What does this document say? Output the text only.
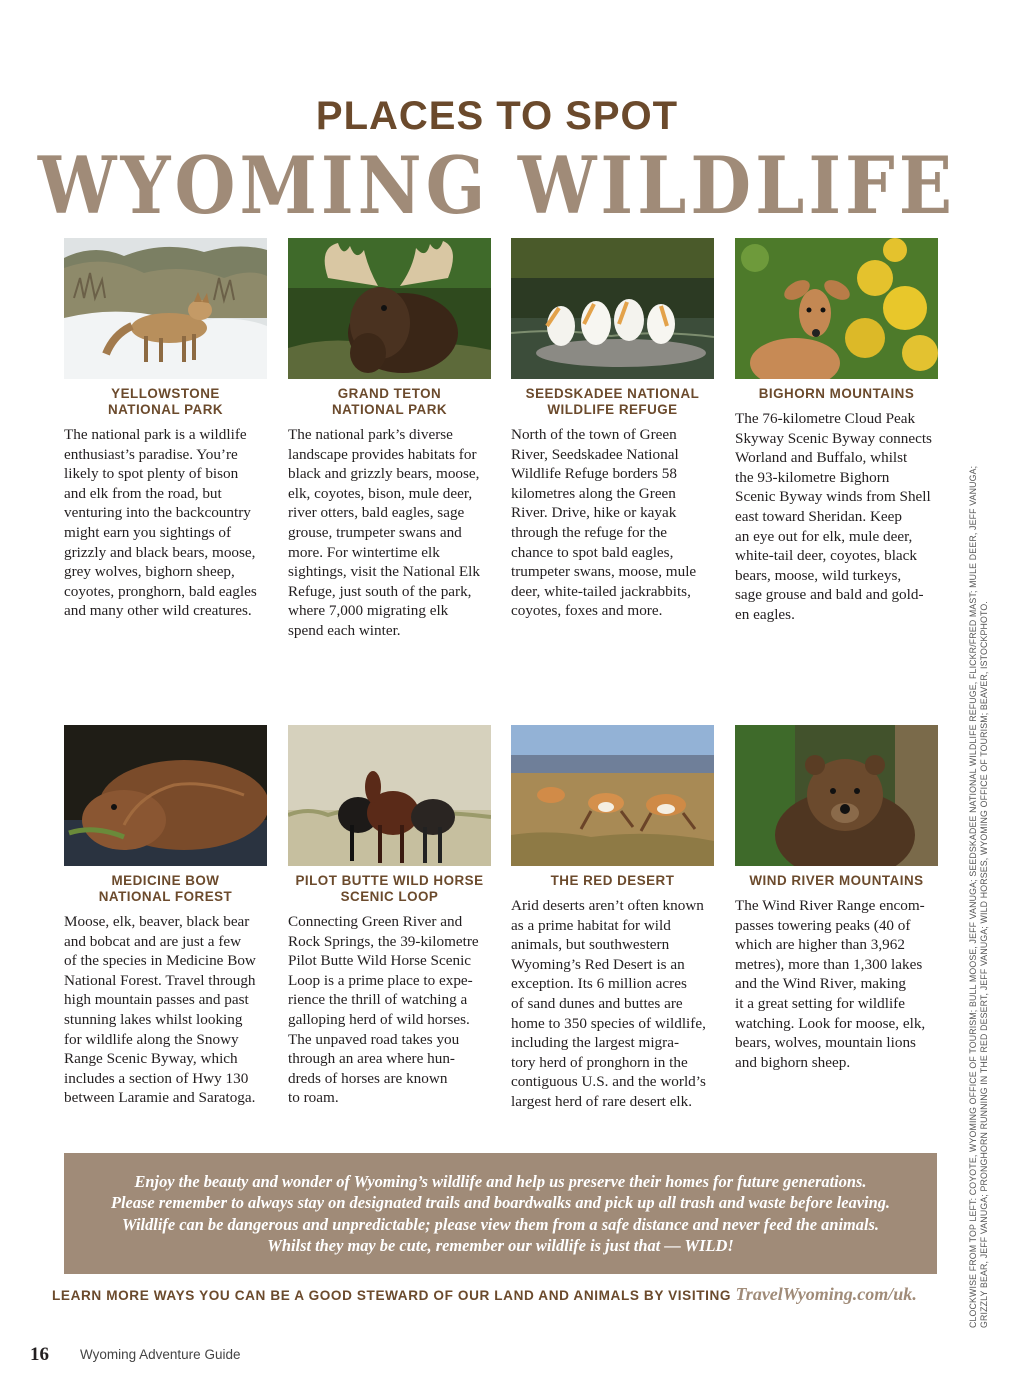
PLACES TO SPOT
WYOMING WILDLIFE
YELLOWSTONE
NATIONAL PARK
The national park is a wildlife
enthusiast’s paradise. You’re
likely to spot plenty of bison
and elk from the road, but
venturing into the backcountry
might earn you sightings of
grizzly and black bears, moose,
grey wolves, bighorn sheep,
coyotes, pronghorn, bald eagles
and many other wild creatures.
GRAND TETON
NATIONAL PARK
The national park’s diverse
landscape provides habitats for
black and grizzly bears, moose,
elk, coyotes, bison, mule deer,
river otters, bald eagles, sage
grouse, trumpeter swans and
more. For wintertime elk
sightings, visit the National Elk
Refuge, just south of the park,
where 7,000 migrating elk
spend each winter.
SEEDSKADEE NATIONAL
WILDLIFE REFUGE
North of the town of Green
River, Seedskadee National
Wildlife Refuge borders 58
kilometres along the Green
River. Drive, hike or kayak
through the refuge for the
chance to spot bald eagles,
trumpeter swans, moose, mule
deer, white-tailed jackrabbits,
coyotes, foxes and more.
BIGHORN MOUNTAINS
The 76-kilometre Cloud Peak
Skyway Scenic Byway connects
Worland and Buffalo, whilst
the 93-kilometre Bighorn
Scenic Byway winds from Shell
east toward Sheridan. Keep
an eye out for elk, mule deer,
white-tail deer, coyotes, black
bears, moose, wild turkeys,
sage grouse and bald and gold-
en eagles.
MEDICINE BOW
NATIONAL FOREST
Moose, elk, beaver, black bear
and bobcat and are just a few
of the species in Medicine Bow
National Forest. Travel through
high mountain passes and past
stunning lakes whilst looking
for wildlife along the Snowy
Range Scenic Byway, which
includes a section of Hwy 130
between Laramie and Saratoga.
PILOT BUTTE WILD HORSE
SCENIC LOOP
Connecting Green River and
Rock Springs, the 39-kilometre
Pilot Butte Wild Horse Scenic
Loop is a prime place to expe-
rience the thrill of watching a
galloping herd of wild horses.
The unpaved road takes you
through an area where hun-
dreds of horses are known
to roam.
THE RED DESERT
Arid deserts aren’t often known
as a prime habitat for wild
animals, but southwestern
Wyoming’s Red Desert is an
exception. Its 6 million acres
of sand dunes and buttes are
home to 350 species of wildlife,
including the largest migra-
tory herd of pronghorn in the
contiguous U.S. and the world’s
largest herd of rare desert elk.
WIND RIVER MOUNTAINS
The Wind River Range encom-
passes towering peaks (40 of
which are higher than 3,962
metres), more than 1,300 lakes
and the Wind River, making
it a great setting for wildlife
watching. Look for moose, elk,
bears, wolves, mountain lions
and bighorn sheep.

Enjoy the beauty and wonder of Wyoming’s wildlife and help us preserve their homes for future generations.
Please remember to always stay on designated trails and boardwalks and pick up all trash and waste before leaving.
Wildlife can be dangerous and unpredictable; please view them from a safe distance and never feed the animals.
Whilst they may be cute, remember our wildlife is just that — WILD!

LEARN MORE WAYS YOU CAN BE A GOOD STEWARD OF OUR LAND AND ANIMALS BY VISITING TravelWyoming.com/uk.
16 Wyoming Adventure Guide
CLOCKWISE FROM TOP LEFT: COYOTE, WYOMING OFFICE OF TOURISM; BULL MOOSE, JEFF VANUGA; SEEDSKADEE NATIONAL WILDLIFE REFUGE, FLICKR/FRED MAST; MULE DEER, JEFF VANUGA;
GRIZZLY BEAR, JEFF VANUGA; PRONGHORN RUNNING IN THE RED DESERT, JEFF VANUGA; WILD HORSES, WYOMING OFFICE OF TOURISM; BEAVER, ISTOCKPHOTO.
